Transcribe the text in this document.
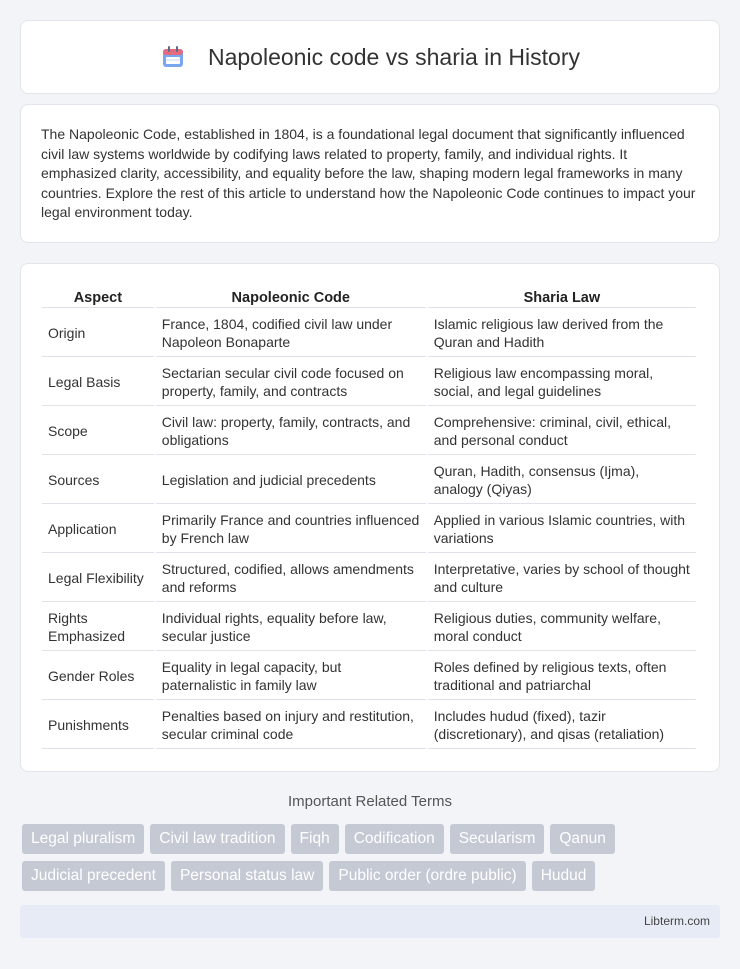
Napoleonic code vs sharia in History

The Napoleonic Code, established in 1804, is a foundational legal document that significantly influenced civil law systems worldwide by codifying laws related to property, family, and individual rights. It emphasized clarity, accessibility, and equality before the law, shaping modern legal frameworks in many countries. Explore the rest of this article to understand how the Napoleonic Code continues to impact your legal environment today.

Aspect	Napoleonic Code	Sharia Law
Origin	France, 1804, codified civil law under Napoleon Bonaparte	Islamic religious law derived from the Quran and Hadith
Legal Basis	Sectarian secular civil code focused on property, family, and contracts	Religious law encompassing moral, social, and legal guidelines
Scope	Civil law: property, family, contracts, and obligations	Comprehensive: criminal, civil, ethical, and personal conduct
Sources	Legislation and judicial precedents	Quran, Hadith, consensus (Ijma), analogy (Qiyas)
Application	Primarily France and countries influenced by French law	Applied in various Islamic countries, with variations
Legal Flexibility	Structured, codified, allows amendments and reforms	Interpretative, varies by school of thought and culture
Rights Emphasized	Individual rights, equality before law, secular justice	Religious duties, community welfare, moral conduct
Gender Roles	Equality in legal capacity, but paternalistic in family law	Roles defined by religious texts, often traditional and patriarchal
Punishments	Penalties based on injury and restitution, secular criminal code	Includes hudud (fixed), tazir (discretionary), and qisas (retaliation)
Important Related Terms
Legal pluralism	Civil law tradition	Fiqh	Codification	Secularism	Qanun
Judicial precedent	Personal status law	Public order (ordre public)	Hudud
Libterm.com
